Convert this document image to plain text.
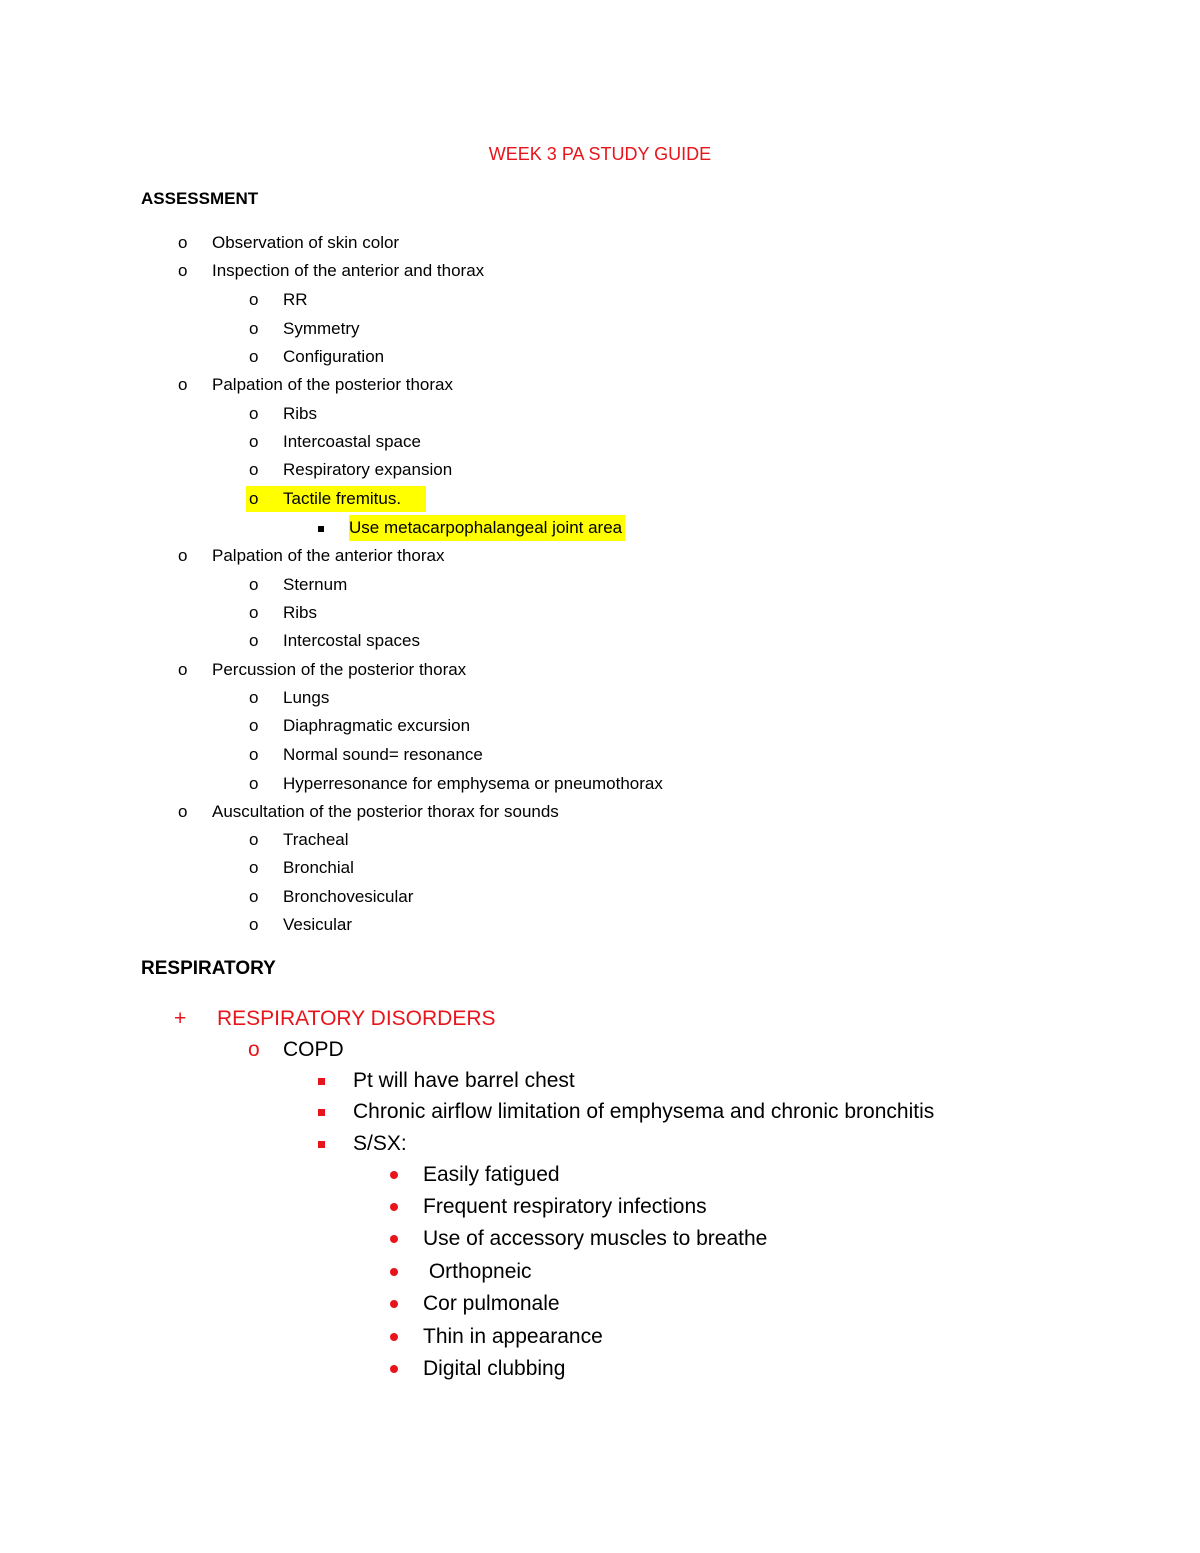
WEEK 3 PA STUDY GUIDE
ASSESSMENT
o Observation of skin color
o Inspection of the anterior and thorax
o RR
o Symmetry
o Configuration
o Palpation of the posterior thorax
o Ribs
o Intercoastal space
o Respiratory expansion
o Tactile fremitus.
Use metacarpophalangeal joint area
o Palpation of the anterior thorax
o Sternum
o Ribs
o Intercostal spaces
o Percussion of the posterior thorax
o Lungs
o Diaphragmatic excursion
o Normal sound= resonance
o Hyperresonance for emphysema or pneumothorax
o Auscultation of the posterior thorax for sounds
o Tracheal
o Bronchial
o Bronchovesicular
o Vesicular
RESPIRATORY
+ RESPIRATORY DISORDERS
o COPD
Pt will have barrel chest
Chronic airflow limitation of emphysema and chronic bronchitis
S/SX:
Easily fatigued
Frequent respiratory infections
Use of accessory muscles to breathe
Orthopneic
Cor pulmonale
Thin in appearance
Digital clubbing
